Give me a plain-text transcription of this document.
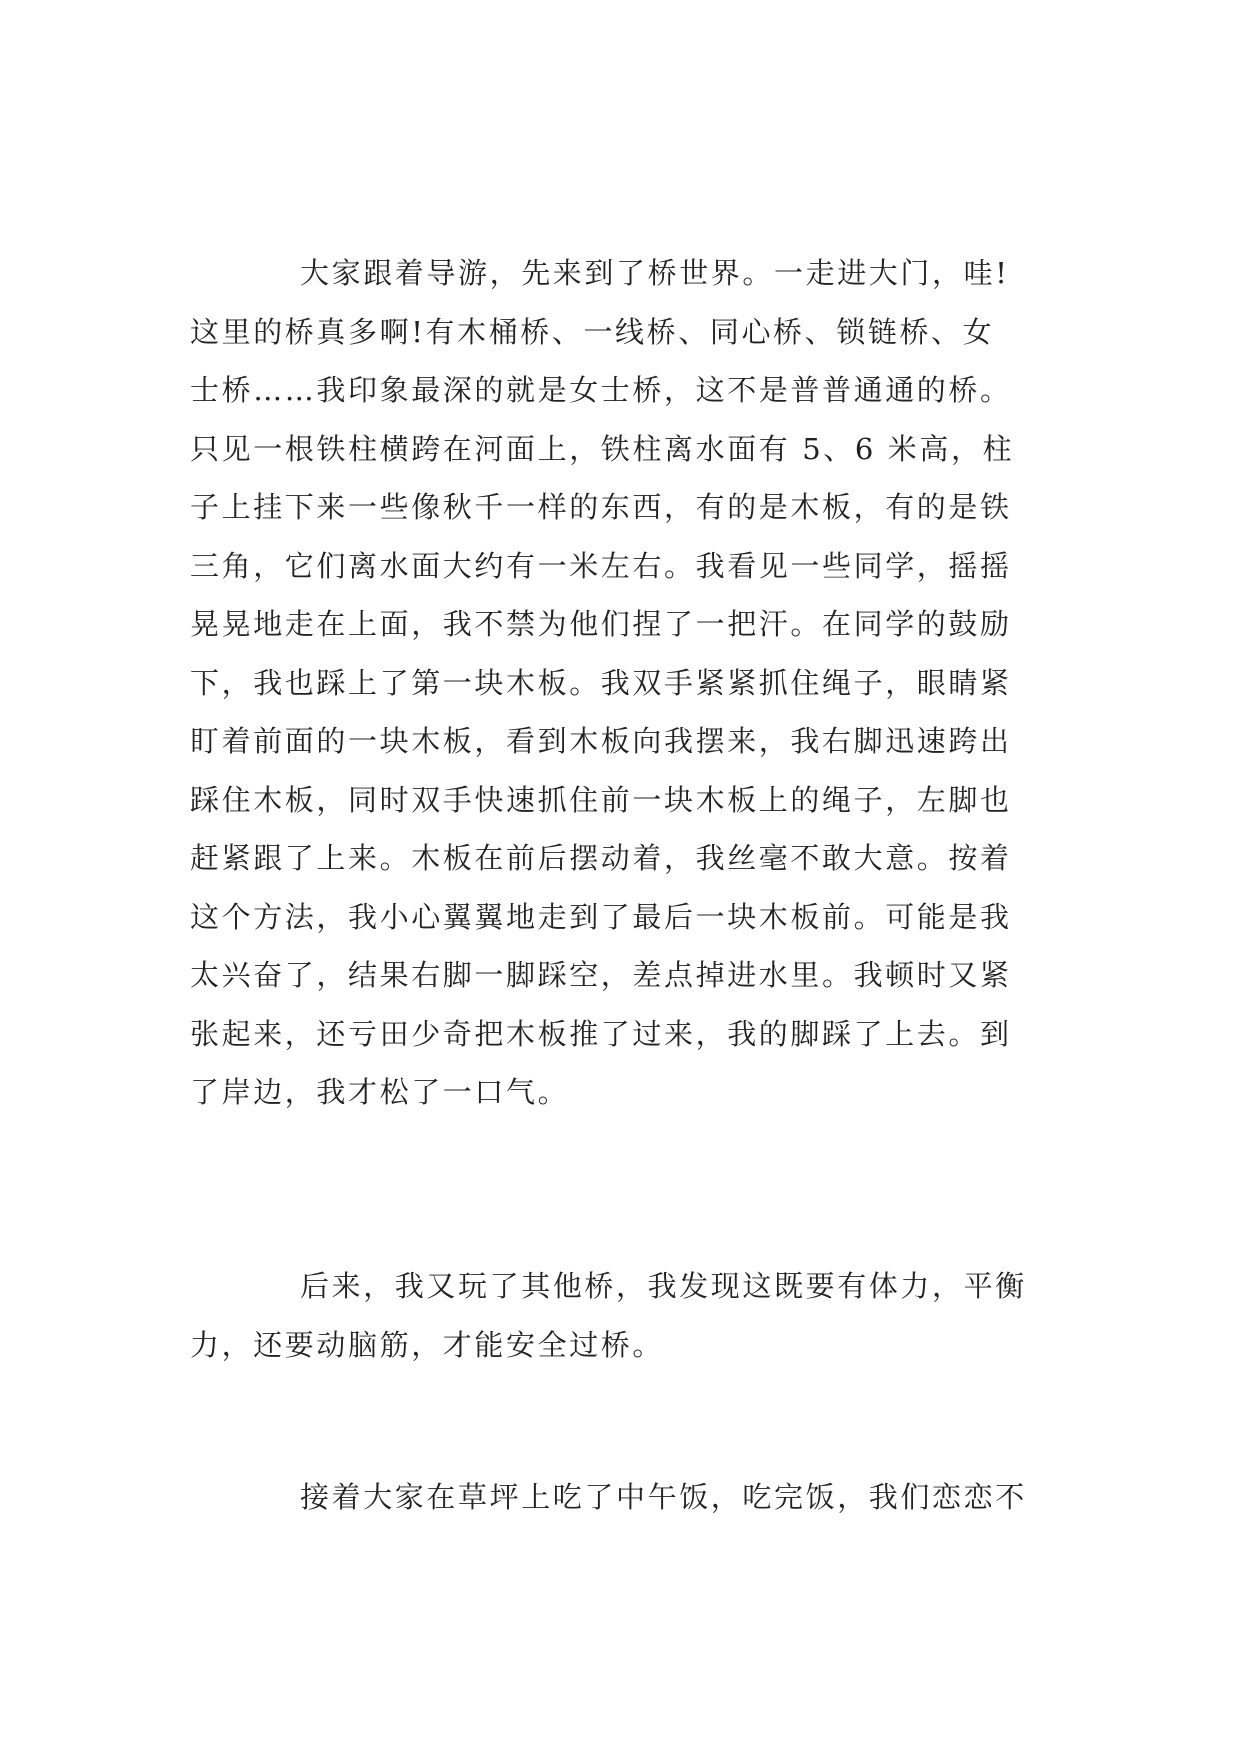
大家跟着导游，先来到了桥世界。一走进大门，哇!
这里的桥真多啊!有木桶桥、一线桥、同心桥、锁链桥、女
士桥……我印象最深的就是女士桥，这不是普普通通的桥。
只见一根铁柱横跨在河面上，铁柱离水面有 5、6 米高，柱
子上挂下来一些像秋千一样的东西，有的是木板，有的是铁
三角，它们离水面大约有一米左右。我看见一些同学，摇摇
晃晃地走在上面，我不禁为他们捏了一把汗。在同学的鼓励
下，我也踩上了第一块木板。我双手紧紧抓住绳子，眼睛紧
盯着前面的一块木板，看到木板向我摆来，我右脚迅速跨出
踩住木板，同时双手快速抓住前一块木板上的绳子，左脚也
赶紧跟了上来。木板在前后摆动着，我丝毫不敢大意。按着
这个方法，我小心翼翼地走到了最后一块木板前。可能是我
太兴奋了，结果右脚一脚踩空，差点掉进水里。我顿时又紧
张起来，还亏田少奇把木板推了过来，我的脚踩了上去。到
了岸边，我才松了一口气。
后来，我又玩了其他桥，我发现这既要有体力，平衡
力，还要动脑筋，才能安全过桥。
接着大家在草坪上吃了中午饭，吃完饭，我们恋恋不
